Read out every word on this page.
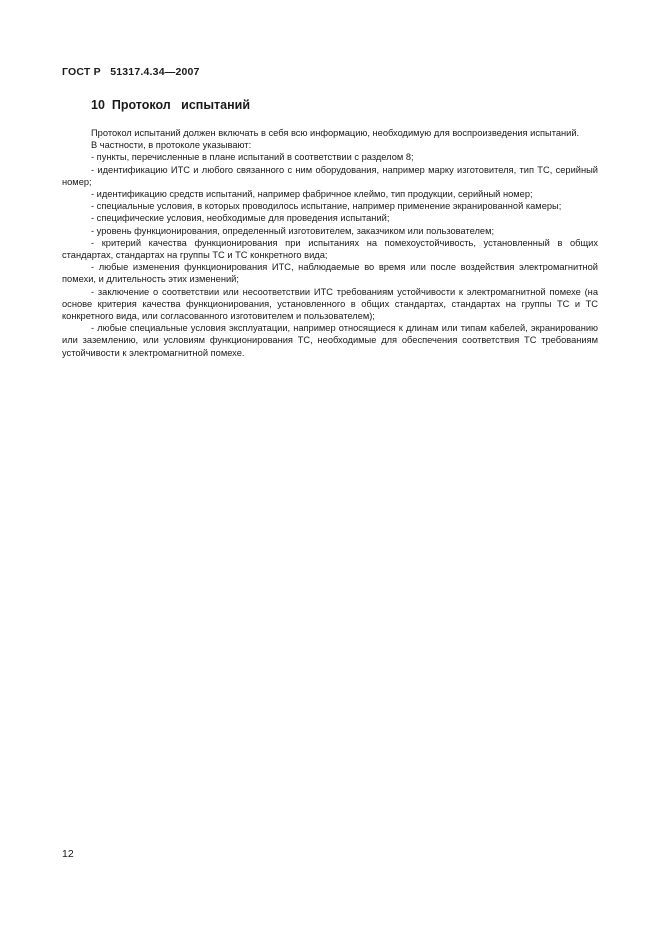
ГОСТ Р   51317.4.34—2007
10  Протокол   испытаний

Протокол испытаний должен включать в себя всю информацию, необходимую для воспроизведения испытаний.

В частности, в протоколе указывают:

- пункты, перечисленные в плане испытаний в соответствии с разделом 8;

- идентификацию ИТС и любого связанного с ним оборудования, например марку изготовителя, тип ТС, серийный номер;

- идентификацию средств испытаний, например фабричное клеймо, тип продукции, серийный номер;

- специальные условия, в которых проводилось испытание, например применение экранированной камеры;

- специфические условия, необходимые для проведения испытаний;

- уровень функционирования, определенный изготовителем, заказчиком или пользователем;

- критерий качества функционирования при испытаниях на помехоустойчивость, установленный в общих стандартах, стандартах на группы ТС и ТС конкретного вида;

- любые изменения функционирования ИТС, наблюдаемые во время или после воздействия электромагнитной помехи, и длительность этих изменений;

- заключение о соответствии или несоответствии ИТС требованиям устойчивости к электромагнитной помехе (на основе критерия качества функционирования, установленного в общих стандартах, стандартах на группы ТС и ТС конкретного вида, или согласованного изготовителем и пользователем);

- любые специальные условия эксплуатации, например относящиеся к длинам или типам кабелей, экранированию или заземлению, или условиям функционирования ТС, необходимые для обеспечения соответствия ТС требованиям устойчивости к электромагнитной помехе.

12
